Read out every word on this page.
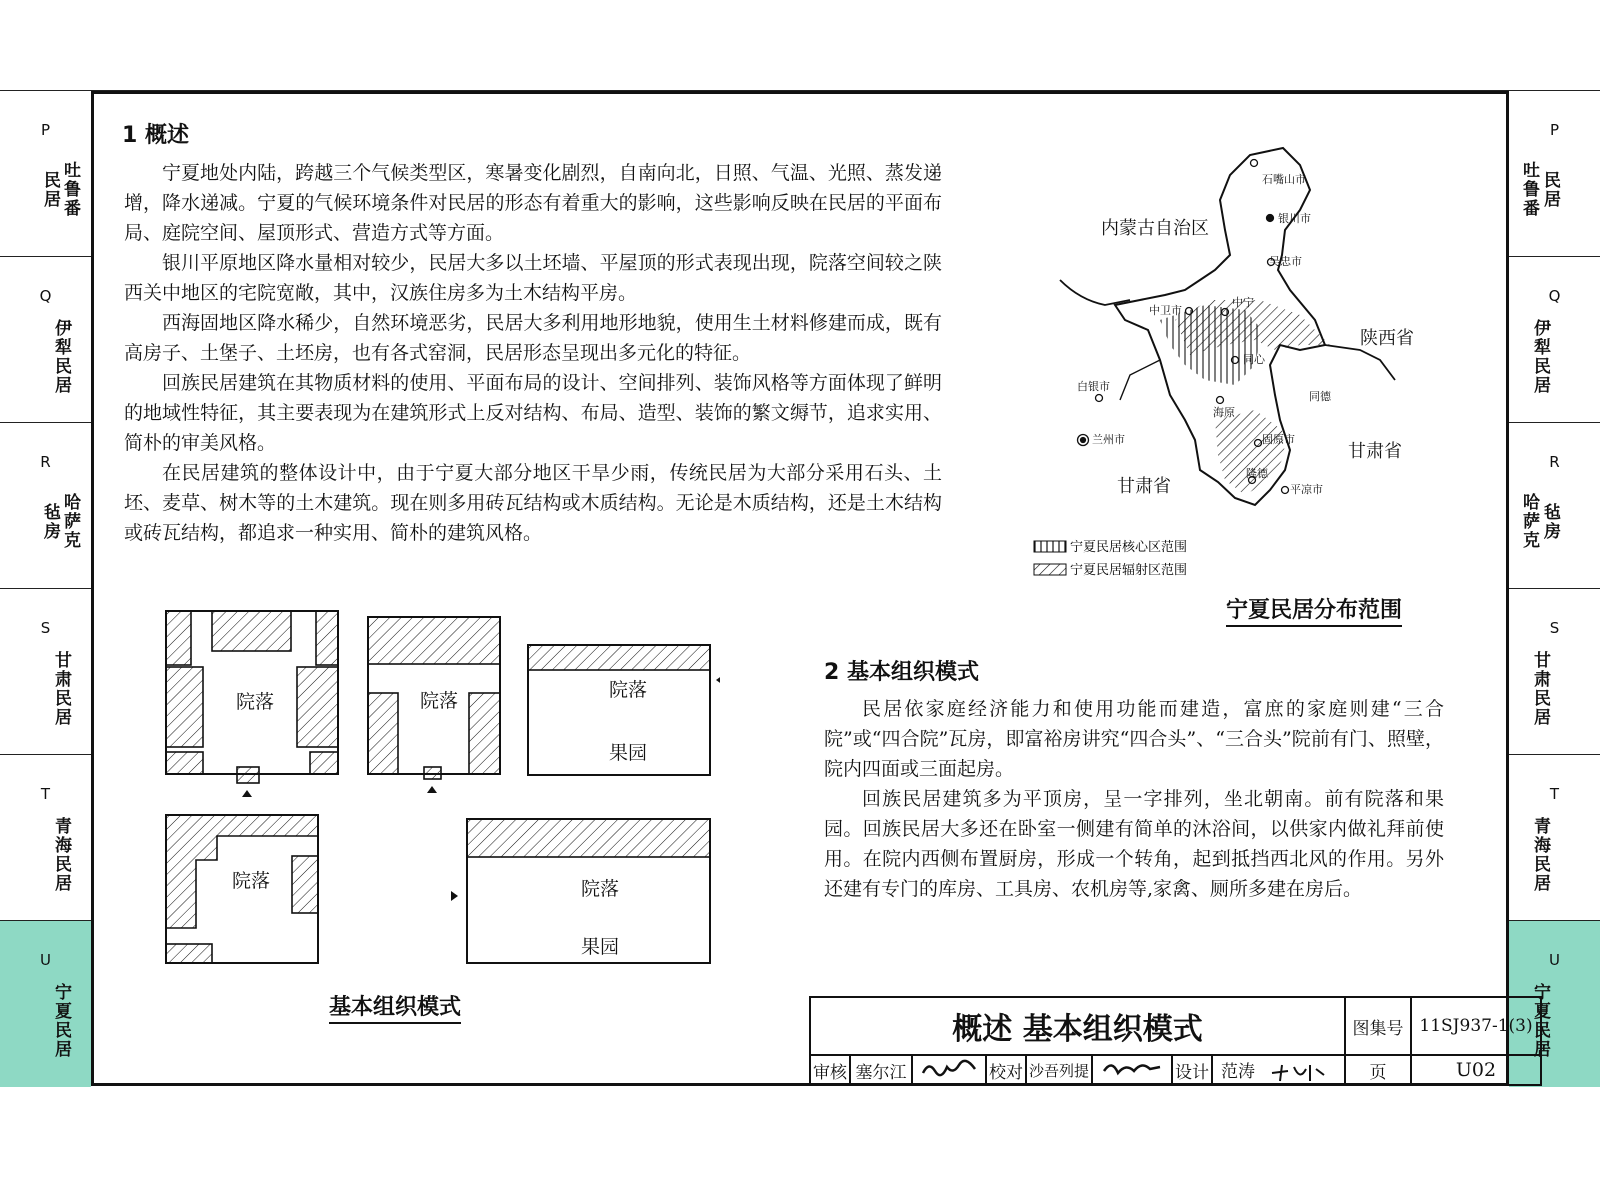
P
吐鲁番
民居
Q
伊犁民居
R
哈萨克
毡房
S
甘肃民居
T
青海民居
U
宁夏民居
P
吐鲁番 民居
Q
伊犁民居
R
哈萨克 毡房
S
甘肃民居
T
青海民居
U
宁夏民居
1 概述

宁夏地处内陆，跨越三个气候类型区，寒暑变化剧烈，自南向北，日照、气温、光照、蒸发递增，降水递减。宁夏的气候环境条件对民居的形态有着重大的影响，这些影响反映在民居的平面布局、庭院空间、屋顶形式、营造方式等方面。

银川平原地区降水量相对较少，民居大多以土坯墙、平屋顶的形式表现出现，院落空间较之陕西关中地区的宅院宽敞，其中，汉族住房多为土木结构平房。

西海固地区降水稀少，自然环境恶劣，民居大多利用地形地貌，使用生土材料修建而成，既有高房子、土堡子、土坯房，也有各式窑洞，民居形态呈现出多元化的特征。

回族民居建筑在其物质材料的使用、平面布局的设计、空间排列、装饰风格等方面体现了鲜明的地域性特征，其主要表现为在建筑形式上反对结构、布局、造型、装饰的繁文缛节，追求实用、简朴的审美风格。

在民居建筑的整体设计中，由于宁夏大部分地区干旱少雨，传统民居为大部分采用石头、土坯、麦草、树木等的土木建筑。现在则多用砖瓦结构或木质结构。无论是木质结构，还是土木结构或砖瓦结构，都追求一种实用、简朴的建筑风格。

石嘴山市
银川市
吴忠市
中卫市
中宁
同心
白银市
同德
海原
兰州市	固原市
隆德
平凉市
内蒙古自治区
陕西省
甘肃省
甘肃省
宁夏民居核心区范围
宁夏民居辐射区范围
宁夏民居分布范围
院落	院落	院落
果园
院落	院落
果园
基本组织模式
2 基本组织模式

民居依家庭经济能力和使用功能而建造，富庶的家庭则建“三合院”或“四合院”瓦房，即富裕房讲究“四合头”、“三合头”院前有门、照壁，院内四面或三面起房。

回族民居建筑多为平顶房，呈一字排列，坐北朝南。前有院落和果园。回族民居大多还在卧室一侧建有简单的沐浴间，以供家内做礼拜前使用。在院内西侧布置厨房，形成一个转角，起到抵挡西北风的作用。另外还建有专门的库房、工具房、农机房等,家禽、厕所多建在房后。

概述 基本组织模式								图集号	11SJ937-1(3)
审核	塞尔江		校对	沙吾列提		设计	范涛	页	U02
